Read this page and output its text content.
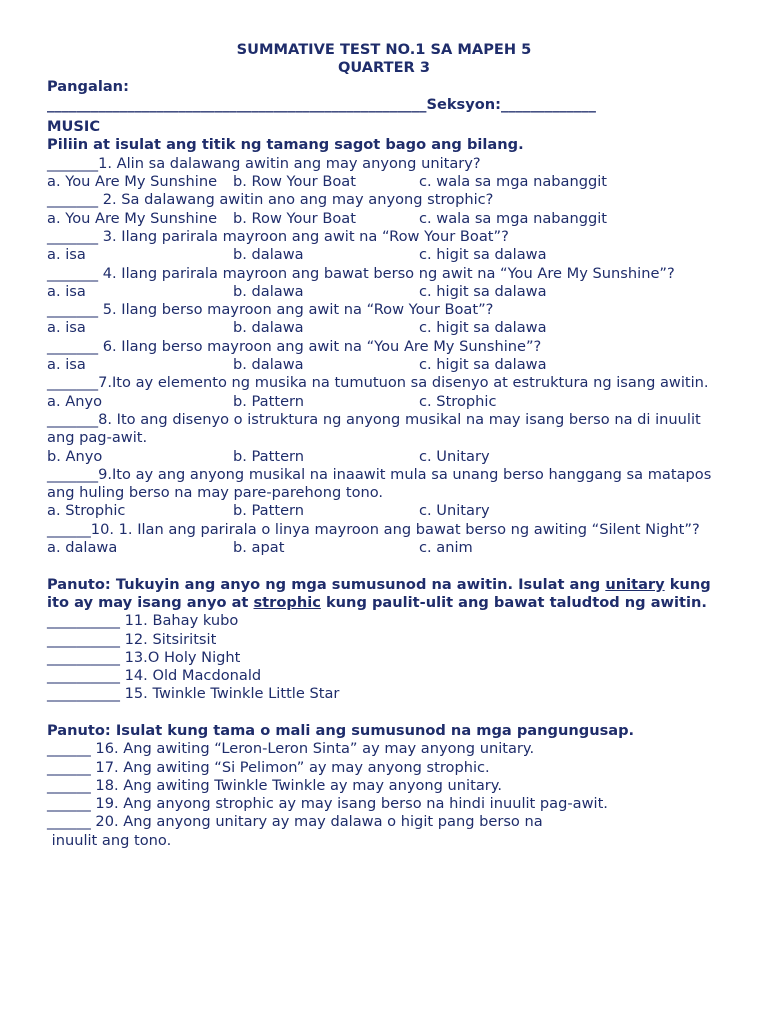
SUMMATIVE TEST NO.1 SA MAPEH 5
QUARTER 3
Pangalan:
____________________________________________________Seksyon:_____________
MUSIC
Piliin at isulat ang titik ng tamang sagot bago ang bilang.
_______1. Alin sa dalawang awitin ang may anyong unitary?
a. You Are My Sunshine	b. Row Your Boat	c. wala sa mga nabanggit
_______ 2. Sa dalawang awitin ano ang may anyong strophic?
a. You Are My Sunshine	b. Row Your Boat	c. wala sa mga nabanggit
_______ 3. Ilang parirala mayroon ang awit na “Row Your Boat”?
a. isa	b. dalawa	c. higit sa dalawa
_______ 4. Ilang parirala mayroon ang bawat berso ng awit na “You Are My Sunshine”?
a. isa	b. dalawa	c. higit sa dalawa
_______ 5. Ilang berso mayroon ang awit na “Row Your Boat”?
a. isa	b. dalawa	c. higit sa dalawa
_______ 6. Ilang berso mayroon ang awit na “You Are My Sunshine”?
a. isa	b. dalawa	c. higit sa dalawa
_______7.Ito ay elemento ng musika na tumutuon sa disenyo at estruktura ng isang awitin.
a. Anyo	b. Pattern	c. Strophic
_______8. Ito ang disenyo o istruktura ng anyong musikal na may isang berso na di inuulit ang pag-awit.
b. Anyo	b. Pattern	c. Unitary
_______9.Ito ay ang anyong musikal na inaawit mula sa unang berso hanggang sa matapos ang huling berso na may pare-parehong tono.
a. Strophic	b. Pattern	c. Unitary
______10. 1. Ilan ang parirala o linya mayroon ang bawat berso ng awiting “Silent Night”?
a. dalawa	b. apat	c. anim
Panuto: Tukuyin ang anyo ng mga sumusunod na awitin. Isulat ang unitary kung ito ay may isang anyo at strophic kung paulit-ulit ang bawat taludtod ng awitin.
__________ 11. Bahay kubo
__________ 12. Sitsiritsit
__________ 13.O Holy Night
__________ 14. Old Macdonald
__________ 15. Twinkle Twinkle Little Star
Panuto: Isulat kung tama o mali ang sumusunod na mga pangungusap.
______ 16. Ang awiting “Leron-Leron Sinta” ay may anyong unitary.
______ 17. Ang awiting “Si Pelimon” ay may anyong strophic.
______ 18. Ang awiting Twinkle Twinkle ay may anyong unitary.
______ 19. Ang anyong strophic ay may isang berso na hindi inuulit pag-awit.
______ 20. Ang anyong unitary ay may dalawa o higit pang berso na
inuulit ang tono.
